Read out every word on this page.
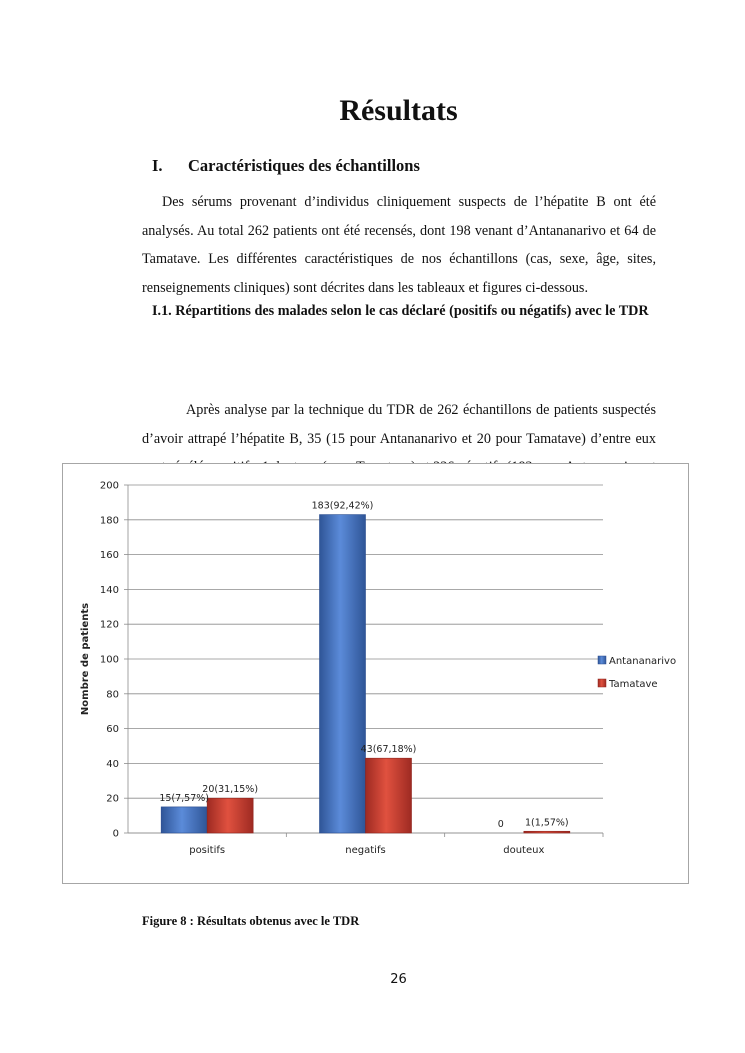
Résultats
I. Caractéristiques des échantillons

Des sérums provenant d’individus cliniquement suspects de l’hépatite B ont été analysés. Au total 262 patients ont été recensés, dont 198 venant d’Antananarivo et 64 de Tamatave. Les différentes caractéristiques de nos échantillons (cas, sexe, âge, sites, renseignements cliniques) sont décrites dans les tableaux et figures ci-dessous.

I.1. Répartitions des malades selon le cas déclaré (positifs ou négatifs) avec le TDR

Après analyse par la technique du TDR de 262 échantillons de patients suspectés d’avoir attrapé l’hépatite B, 35 (15 pour Antananarivo et 20 pour Tamatave) d’entre eux

0
20
40
60
80
100
120
140
160
180
200
Nombre de patients
positifs	negatifs	douteux
15(7,57%)
20(31,15%)
183(92,42%)
43(67,18%)
0 1(1,57%)
Antananarivo
Tamatave

Figure 8 : Résultats obtenus avec le TDR

26
